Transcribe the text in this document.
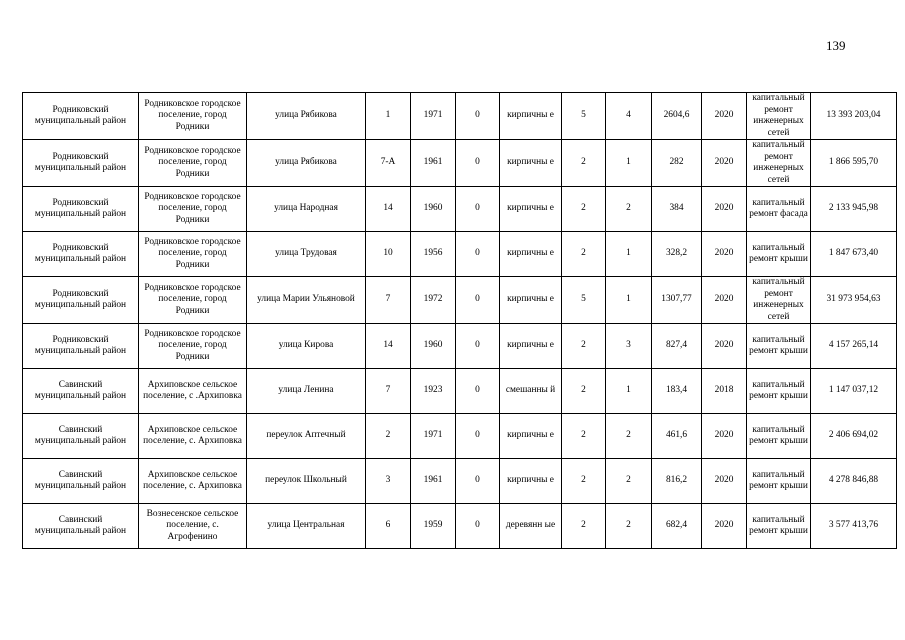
139
Родниковский муниципальный район	Родниковское городское поселение, город Родники	улица Рябикова	1	1971	0	кирпичны е	5	4	2604,6	2020	капитальный ремонт инженерных сетей	13 393 203,04
Родниковский муниципальный район	Родниковское городское поселение, город Родники	улица Рябикова	7-А	1961	0	кирпичны е	2	1	282	2020	капитальный ремонт инженерных сетей	1 866 595,70
Родниковский муниципальный район	Родниковское городское поселение, город Родники	улица Народная	14	1960	0	кирпичны е	2	2	384	2020	капитальный ремонт фасада	2 133 945,98
Родниковский муниципальный район	Родниковское городское поселение, город Родники	улица Трудовая	10	1956	0	кирпичны е	2	1	328,2	2020	капитальный ремонт крыши	1 847 673,40
Родниковский муниципальный район	Родниковское городское поселение, город Родники	улица Марии Ульяновой	7	1972	0	кирпичны е	5	1	1307,77	2020	капитальный ремонт инженерных сетей	31 973 954,63
Родниковский муниципальный район	Родниковское городское поселение, город Родники	улица Кирова	14	1960	0	кирпичны е	2	3	827,4	2020	капитальный ремонт крыши	4 157 265,14
Савинский муниципальный район	Архиповское сельское поселение, с .Архиповка	улица Ленина	7	1923	0	смешанны й	2	1	183,4	2018	капитальный ремонт крыши	1 147 037,12
Савинский муниципальный район	Архиповское сельское поселение, с. Архиповка	переулок Аптечный	2	1971	0	кирпичны е	2	2	461,6	2020	капитальный ремонт крыши	2 406 694,02
Савинский муниципальный район	Архиповское сельское поселение, с. Архиповка	переулок Школьный	3	1961	0	кирпичны е	2	2	816,2	2020	капитальный ремонт крыши	4 278 846,88
Савинский муниципальный район	Вознесенское сельское поселение, с. Агрофенино	улица Центральная	6	1959	0	деревянн ые	2	2	682,4	2020	капитальный ремонт крыши	3 577 413,76
